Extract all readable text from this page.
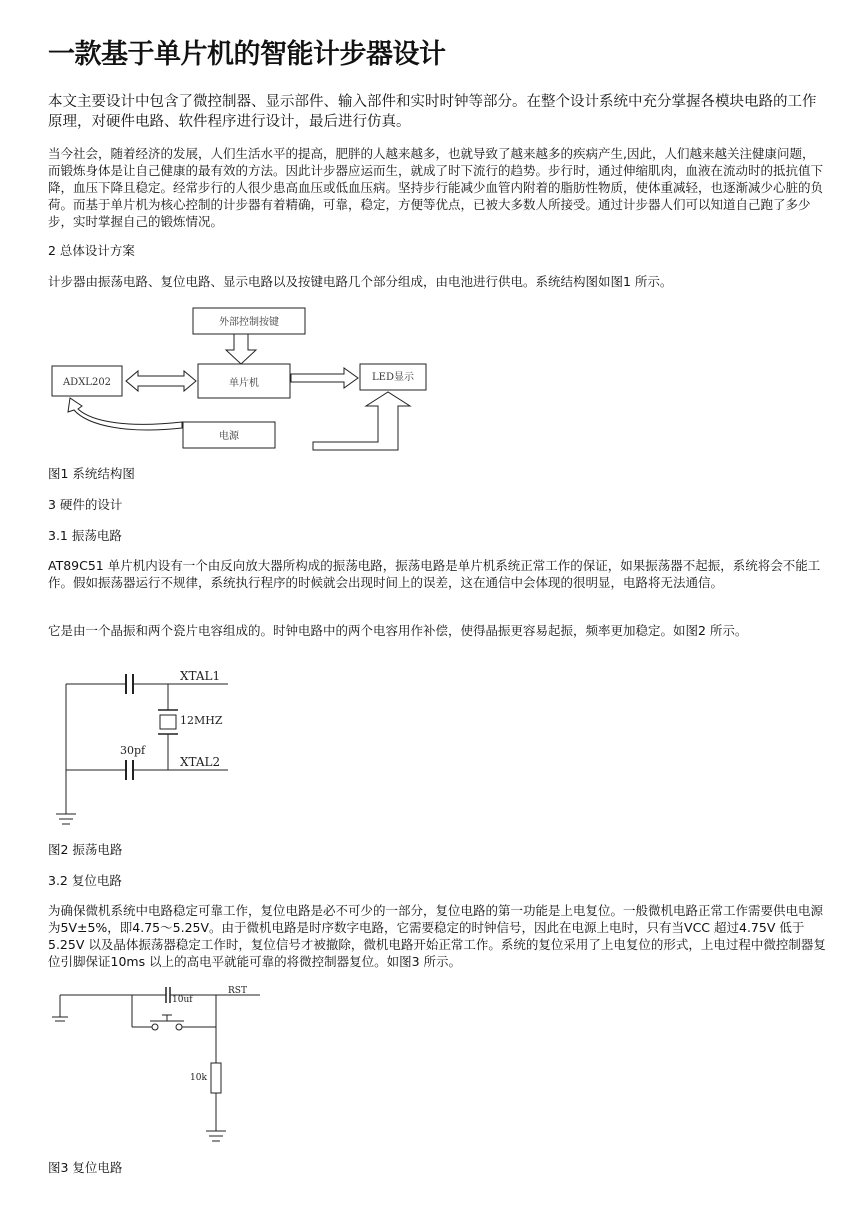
一款基于单片机的智能计步器设计

本文主要设计中包含了微控制器、显示部件、输入部件和实时时钟等部分。在整个设计系统中充分掌握各模块电路的工作原理，对硬件电路、软件程序进行设计，最后进行仿真。

当今社会，随着经济的发展，人们生活水平的提高，肥胖的人越来越多，也就导致了越来越多的疾病产生,因此，人们越来越关注健康问题，而锻炼身体是让自己健康的最有效的方法。因此计步器应运而生，就成了时下流行的趋势。步行时，通过伸缩肌肉，血液在流动时的抵抗值下降，血压下降且稳定。经常步行的人很少患高血压或低血压病。坚持步行能减少血管内附着的脂肪性物质，使体重减轻，也逐渐减少心脏的负荷。而基于单片机为核心控制的计步器有着精确，可靠，稳定，方便等优点，已被大多数人所接受。通过计步器人们可以知道自己跑了多少步，实时掌握自己的锻炼情况。

2 总体设计方案

计步器由振荡电路、复位电路、显示电路以及按键电路几个部分组成，由电池进行供电。系统结构图如图1 所示。

外部控制按键
ADXL202	单片机
LED显示
电源

图1 系统结构图

3 硬件的设计

3.1 振荡电路

AT89C51 单片机内设有一个由反向放大器所构成的振荡电路，振荡电路是单片机系统正常工作的保证，如果振荡器不起振，系统将会不能工作。假如振荡器运行不规律，系统执行程序的时候就会出现时间上的误差，这在通信中会体现的很明显，电路将无法通信。

它是由一个晶振和两个瓷片电容组成的。时钟电路中的两个电容用作补偿，使得晶振更容易起振，频率更加稳定。如图2 所示。

XTAL1
12MHZ
30pf
XTAL2

图2 振荡电路

3.2 复位电路

为确保微机系统中电路稳定可靠工作，复位电路是必不可少的一部分，复位电路的第一功能是上电复位。一般微机电路正常工作需要供电电源为5V±5%，即4.75～5.25V。由于微机电路是时序数字电路，它需要稳定的时钟信号，因此在电源上电时，只有当VCC 超过4.75V 低于5.25V 以及晶体振荡器稳定工作时，复位信号才被撤除，微机电路开始正常工作。系统的复位采用了上电复位的形式，上电过程中微控制器复位引脚保证10ms 以上的高电平就能可靠的将微控制器复位。如图3 所示。

10uf
RST
10k

图3 复位电路
